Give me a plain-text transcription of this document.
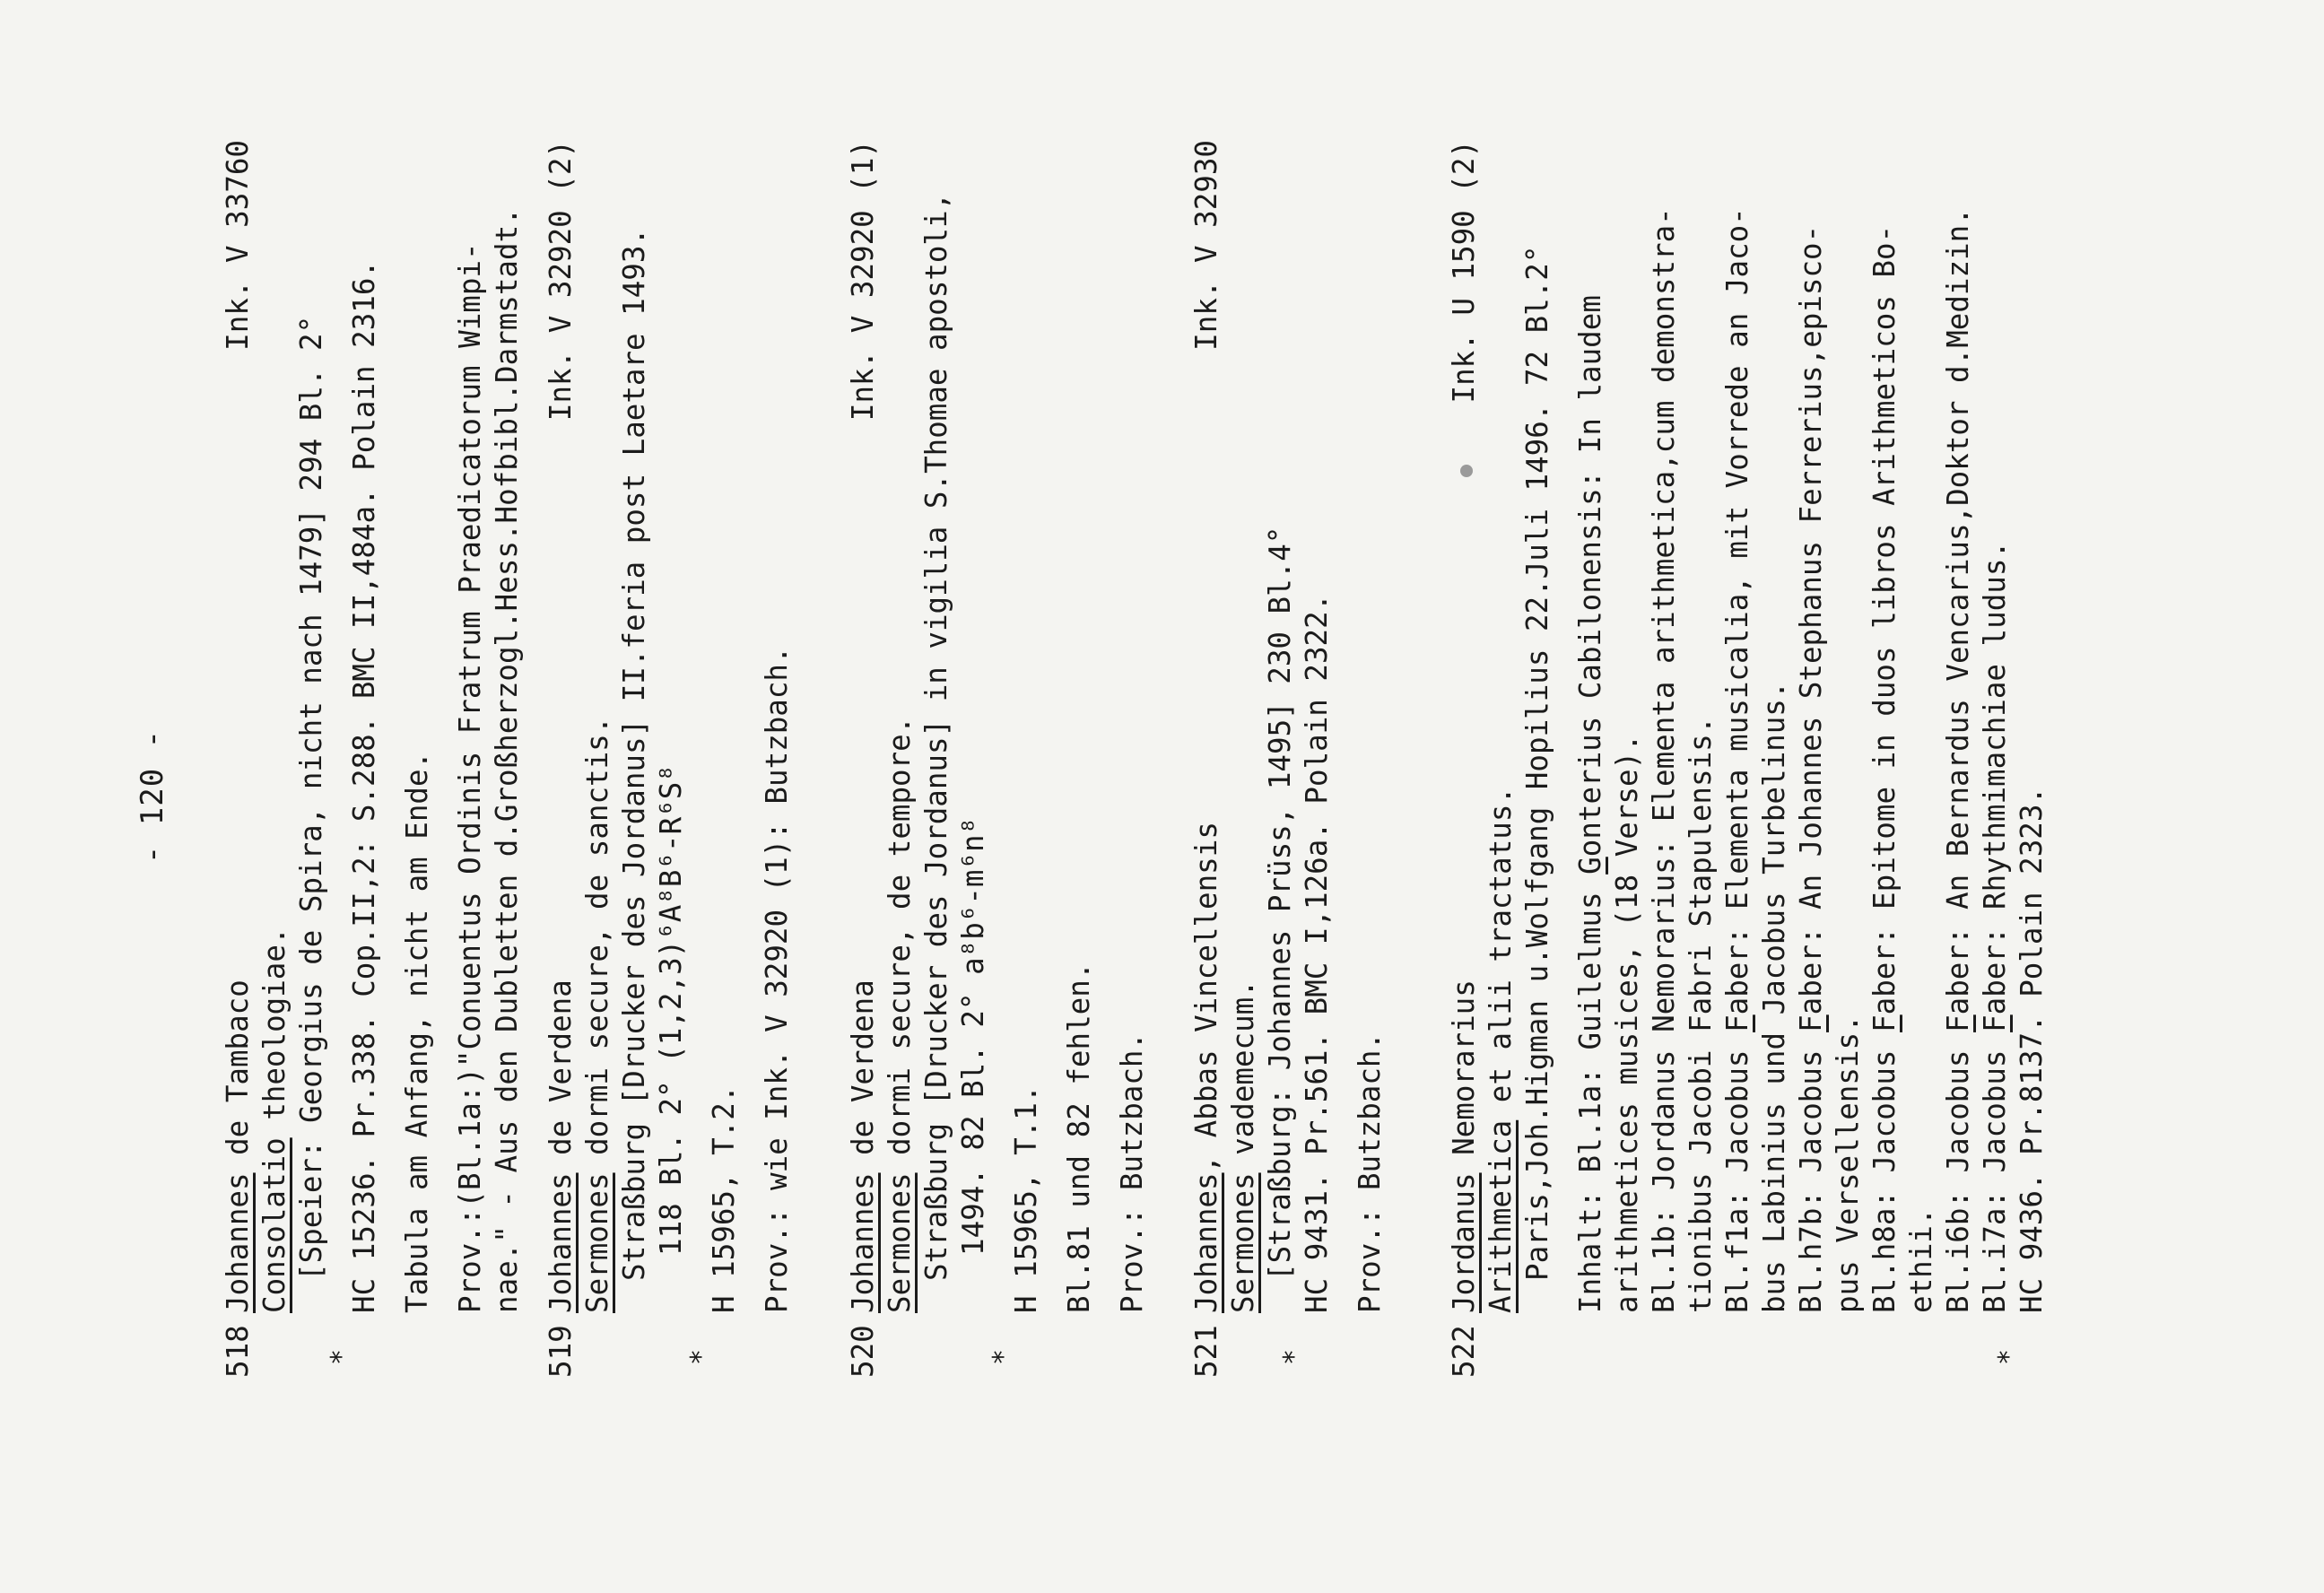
- 120 -
518Johannes de Tambaco
Ink. V 33760
Consolatio theologiae. [Speier: Georgius de Spira, nicht nach 1479] 294 Bl. 2° * HC 15236. Pr.338. Cop.II,2: S.288. BMC II,484a. Polain 2316. Tabula am Anfang, nicht am Ende. Prov.:(Bl.1a:)"Conuentus Ordinis Fratrum Praedicatorum Wimpi- nae." - Aus den Dubletten d.Großherzogl.Hess.Hofbibl.Darmstadt.
519Johannes de Verdena
Ink. V 32920 (2)
Sermones dormi secure, de sanctis. Straßburg [Drucker des Jordanus] II.feria post Laetare 1493. 118 Bl. 2° (1,2,3)⁶A⁸B⁶-R⁶S⁸ * H 15965, T.2. Prov.: wie Ink. V 32920 (1): Butzbach.
520Johannes de Verdena
Ink. V 32920 (1)
Sermones dormi secure, de tempore. Straßburg [Drucker des Jordanus] in vigilia S.Thomae apostoli, 1494. 82 Bl. 2° a⁸b⁶-m⁶n⁸ * H 15965, T.1. Bl.81 und 82 fehlen. Prov.: Butzbach.
521Johannes, Abbas Vincellensis
Ink. V 32930
Sermones vademecum. [Straßburg: Johannes Prüss, 1495] 230 Bl.4° * HC 9431. Pr.561. BMC I,126a. Polain 2322. Prov.: Butzbach.
522Jordanus Nemorarius
Ink. U 1590 (2)
Arithmetica et alii tractatus. Paris,Joh.Higman u.Wolfgang Hopilius 22.Juli 1496. 72 Bl.2° Inhalt: Bl.1a: Guilelmus Gonterius Cabilonensis: In laudem
arithmetices musices, (18 Verse). Bl.1b: Jordanus Nemorarius: Elementa arithmetica,cum demonstra- tionibus Jacobi Fabri Stapulensis. Bl.f1a: Jacobus Faber: Elementa musicalia, mit Vorrede an Jaco- bus Labinius und Jacobus Turbelinus. Bl.h7b: Jacobus Faber: An Johannes Stephanus Ferrerius,episco-
pus Versellensis. Bl.h8a: Jacobus Faber: Epitome in duos libros Arithmeticos Bo-
ethii. Bl.i6b: Jacobus Faber: An Bernardus Vencarius,Doktor d.Medizin.
Bl.i7a: Jacobus Faber: Rhythmimachiae ludus.
* HC 9436. Pr.8137. Polain 2323.
